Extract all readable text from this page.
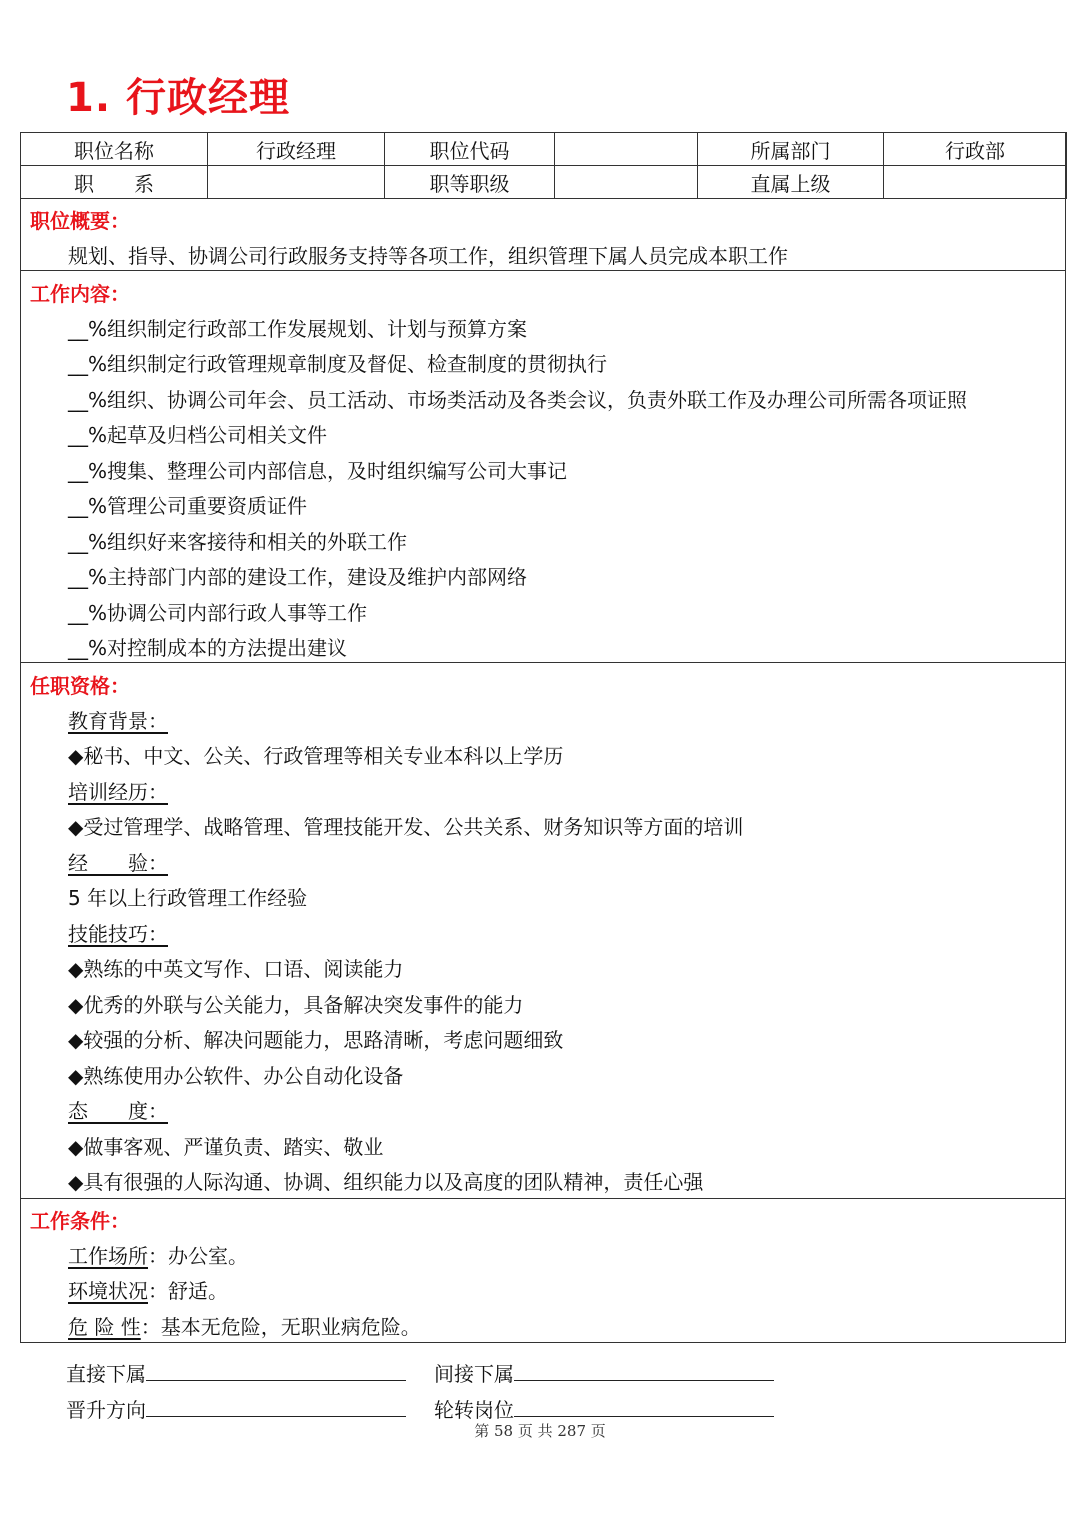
1. 行政经理
职位名称	行政经理	职位代码		所属部门	行政部
职　　系		职等职级		直属上级	
职位概要：
规划、指导、协调公司行政服务支持等各项工作，组织管理下属人员完成本职工作
工作内容：
__%组织制定行政部工作发展规划、计划与预算方案
__%组织制定行政管理规章制度及督促、检查制度的贯彻执行
__%组织、协调公司年会、员工活动、市场类活动及各类会议，负责外联工作及办理公司所需各项证照
__%起草及归档公司相关文件
__%搜集、整理公司内部信息，及时组织编写公司大事记
__%管理公司重要资质证件
__%组织好来客接待和相关的外联工作
__%主持部门内部的建设工作，建设及维护内部网络
__%协调公司内部行政人事等工作
__%对控制成本的方法提出建议
任职资格：
教育背景：
◆秘书、中文、公关、行政管理等相关专业本科以上学历
培训经历：
◆受过管理学、战略管理、管理技能开发、公共关系、财务知识等方面的培训
经　　验：
5 年以上行政管理工作经验
技能技巧：
◆熟练的中英文写作、口语、阅读能力
◆优秀的外联与公关能力，具备解决突发事件的能力
◆较强的分析、解决问题能力，思路清晰，考虑问题细致
◆熟练使用办公软件、办公自动化设备
态　　度：
◆做事客观、严谨负责、踏实、敬业
◆具有很强的人际沟通、协调、组织能力以及高度的团队精神，责任心强
工作条件：
工作场所：办公室。
环境状况：舒适。
危 险 性：基本无危险，无职业病危险。
直接下属	间接下属
晋升方向	轮转岗位
第 58 页 共 287 页
